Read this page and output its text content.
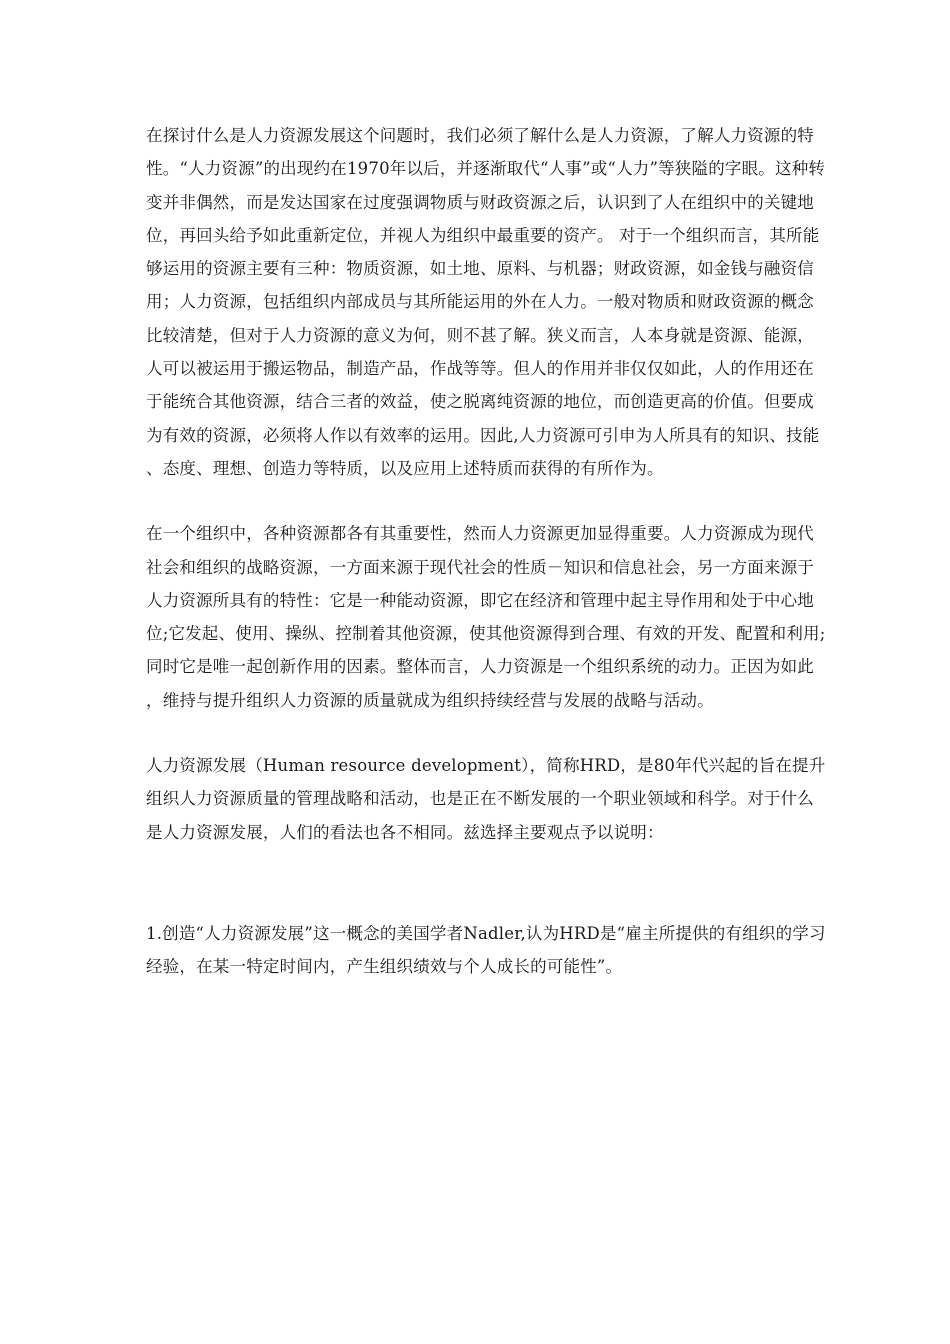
在探讨什么是人力资源发展这个问题时，我们必须了解什么是人力资源，了解人力资源的特性。“人力资源”的出现约在1970年以后，并逐渐取代“人事”或“人力”等狭隘的字眼。这种转变并非偶然，而是发达国家在过度强调物质与财政资源之后，认识到了人在组织中的关键地位，再回头给予如此重新定位，并视人为组织中最重要的资产。 对于一个组织而言，其所能够运用的资源主要有三种：物质资源，如土地、原料、与机器；财政资源，如金钱与融资信用；人力资源，包括组织内部成员与其所能运用的外在人力。一般对物质和财政资源的概念比较清楚，但对于人力资源的意义为何，则不甚了解。狭义而言，人本身就是资源、能源，人可以被运用于搬运物品，制造产品，作战等等。但人的作用并非仅仅如此，人的作用还在于能统合其他资源，结合三者的效益，使之脱离纯资源的地位，而创造更高的价值。但要成为有效的资源，必须将人作以有效率的运用。因此,人力资源可引申为人所具有的知识、技能、态度、理想、创造力等特质，以及应用上述特质而获得的有所作为。

在一个组织中，各种资源都各有其重要性，然而人力资源更加显得重要。人力资源成为现代社会和组织的战略资源，一方面来源于现代社会的性质－知识和信息社会，另一方面来源于人力资源所具有的特性：它是一种能动资源，即它在经济和管理中起主导作用和处于中心地位;它发起、使用、操纵、控制着其他资源，使其他资源得到合理、有效的开发、配置和利用;同时它是唯一起创新作用的因素。整体而言，人力资源是一个组织系统的动力。正因为如此，维持与提升组织人力资源的质量就成为组织持续经营与发展的战略与活动。

人力资源发展（Human resource development），简称HRD，是80年代兴起的旨在提升组织人力资源质量的管理战略和活动，也是正在不断发展的一个职业领域和科学。对于什么是人力资源发展，人们的看法也各不相同。兹选择主要观点予以说明：

1.创造“人力资源发展”这一概念的美国学者Nadler,认为HRD是“雇主所提供的有组织的学习经验，在某一特定时间内，产生组织绩效与个人成长的可能性”。
